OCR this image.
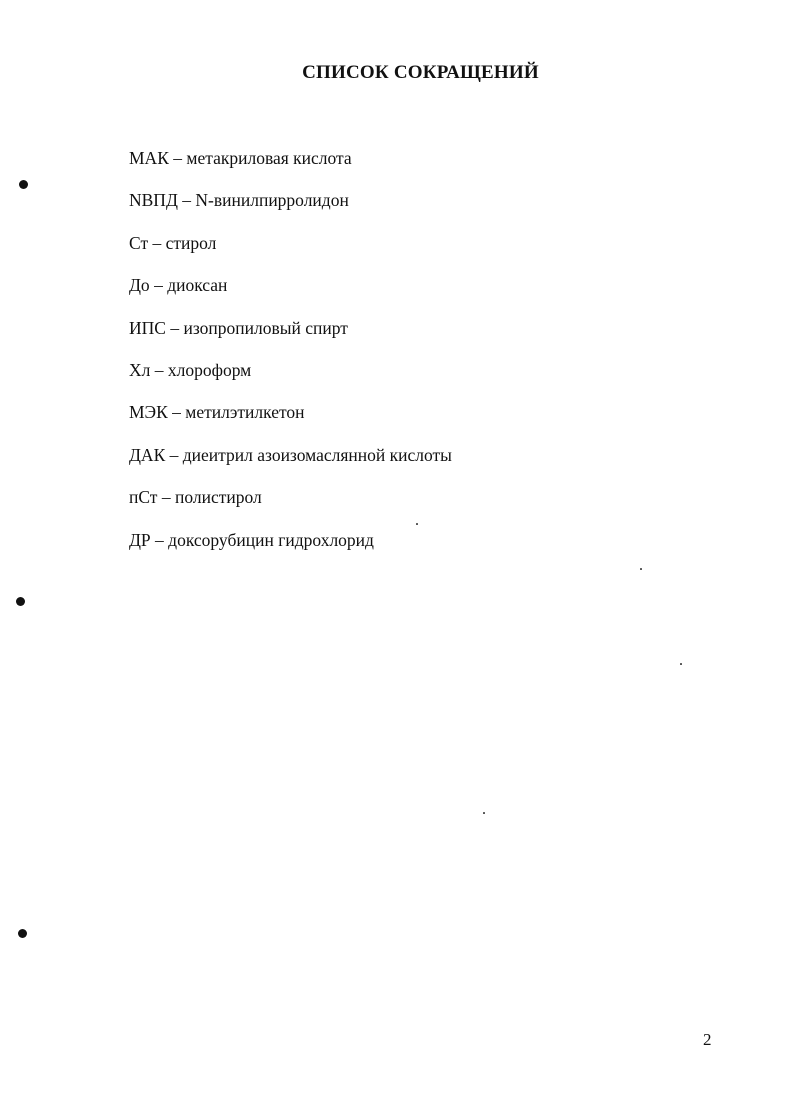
СПИСОК СОКРАЩЕНИЙ
МАК – метакриловая кислота
NВПД – N-винилпирролидон
Ст – стирол
До – диоксан
ИПС – изопропиловый спирт
Хл – хлороформ
МЭК – метилэтилкетон
ДАК – диеитрил азоизомаслянной кислоты
пСт – полистирол
ДР – доксорубицин гидрохлорид
2
